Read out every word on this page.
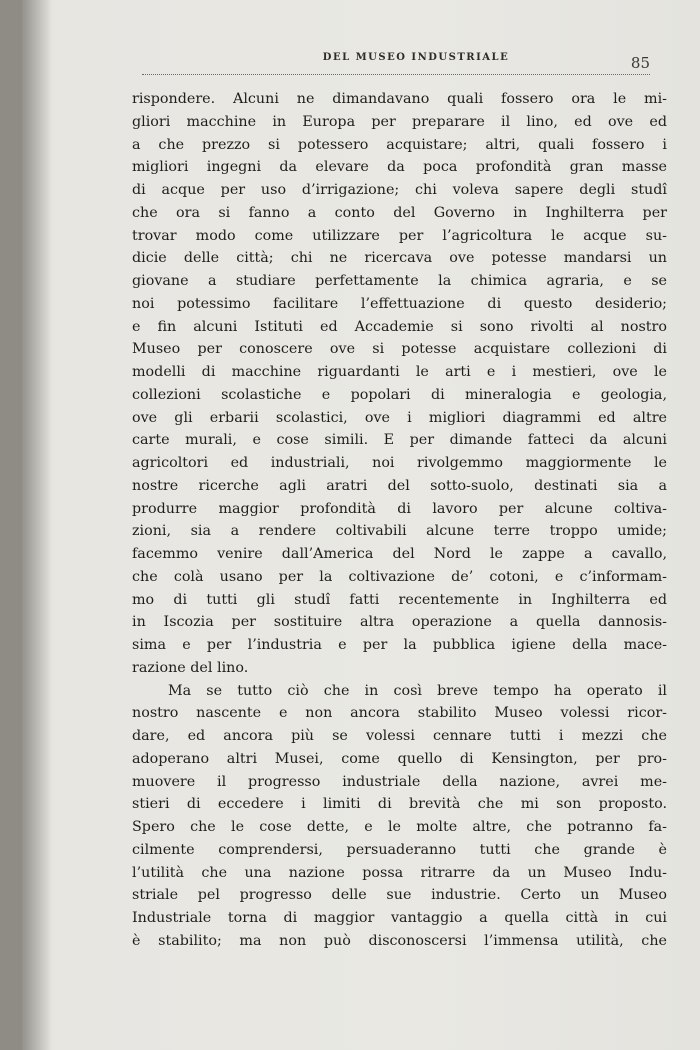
DEL MUSEO INDUSTRIALE	85
rispondere. Alcuni ne dimandavano quali fossero ora le mi-
gliori macchine in Europa per preparare il lino, ed ove ed
a che prezzo si potessero acquistare; altri, quali fossero i
migliori ingegni da elevare da poca profondità gran masse
di acque per uso d’irrigazione; chi voleva sapere degli studî
che ora si fanno a conto del Governo in Inghilterra per
trovar modo come utilizzare per l’agricoltura le acque su-
dicie delle città; chi ne ricercava ove potesse mandarsi un
giovane a studiare perfettamente la chimica agraria, e se
noi potessimo facilitare l’effettuazione di questo desiderio;
e fin alcuni Istituti ed Accademie si sono rivolti al nostro
Museo per conoscere ove si potesse acquistare collezioni di
modelli di macchine riguardanti le arti e i mestieri, ove le
collezioni scolastiche e popolari di mineralogia e geologia,
ove gli erbarii scolastici, ove i migliori diagrammi ed altre
carte murali, e cose simili. E per dimande fatteci da alcuni
agricoltori ed industriali, noi rivolgemmo maggiormente le
nostre ricerche agli aratri del sotto-suolo, destinati sia a
produrre maggior profondità di lavoro per alcune coltiva-
zioni, sia a rendere coltivabili alcune terre troppo umide;
facemmo venire dall’America del Nord le zappe a cavallo,
che colà usano per la coltivazione de’ cotoni, e c’informam-
mo di tutti gli studî fatti recentemente in Inghilterra ed
in Iscozia per sostituire altra operazione a quella dannosis-
sima e per l’industria e per la pubblica igiene della mace-
razione del lino.
Ma se tutto ciò che in così breve tempo ha operato il
nostro nascente e non ancora stabilito Museo volessi ricor-
dare, ed ancora più se volessi cennare tutti i mezzi che
adoperano altri Musei, come quello di Kensington, per pro-
muovere il progresso industriale della nazione, avrei me-
stieri di eccedere i limiti di brevità che mi son proposto.
Spero che le cose dette, e le molte altre, che potranno fa-
cilmente comprendersi, persuaderanno tutti che grande è
l’utilità che una nazione possa ritrarre da un Museo Indu-
striale pel progresso delle sue industrie. Certo un Museo
Industriale torna di maggior vantaggio a quella città in cui
è stabilito; ma non può disconoscersi l’immensa utilità, che
